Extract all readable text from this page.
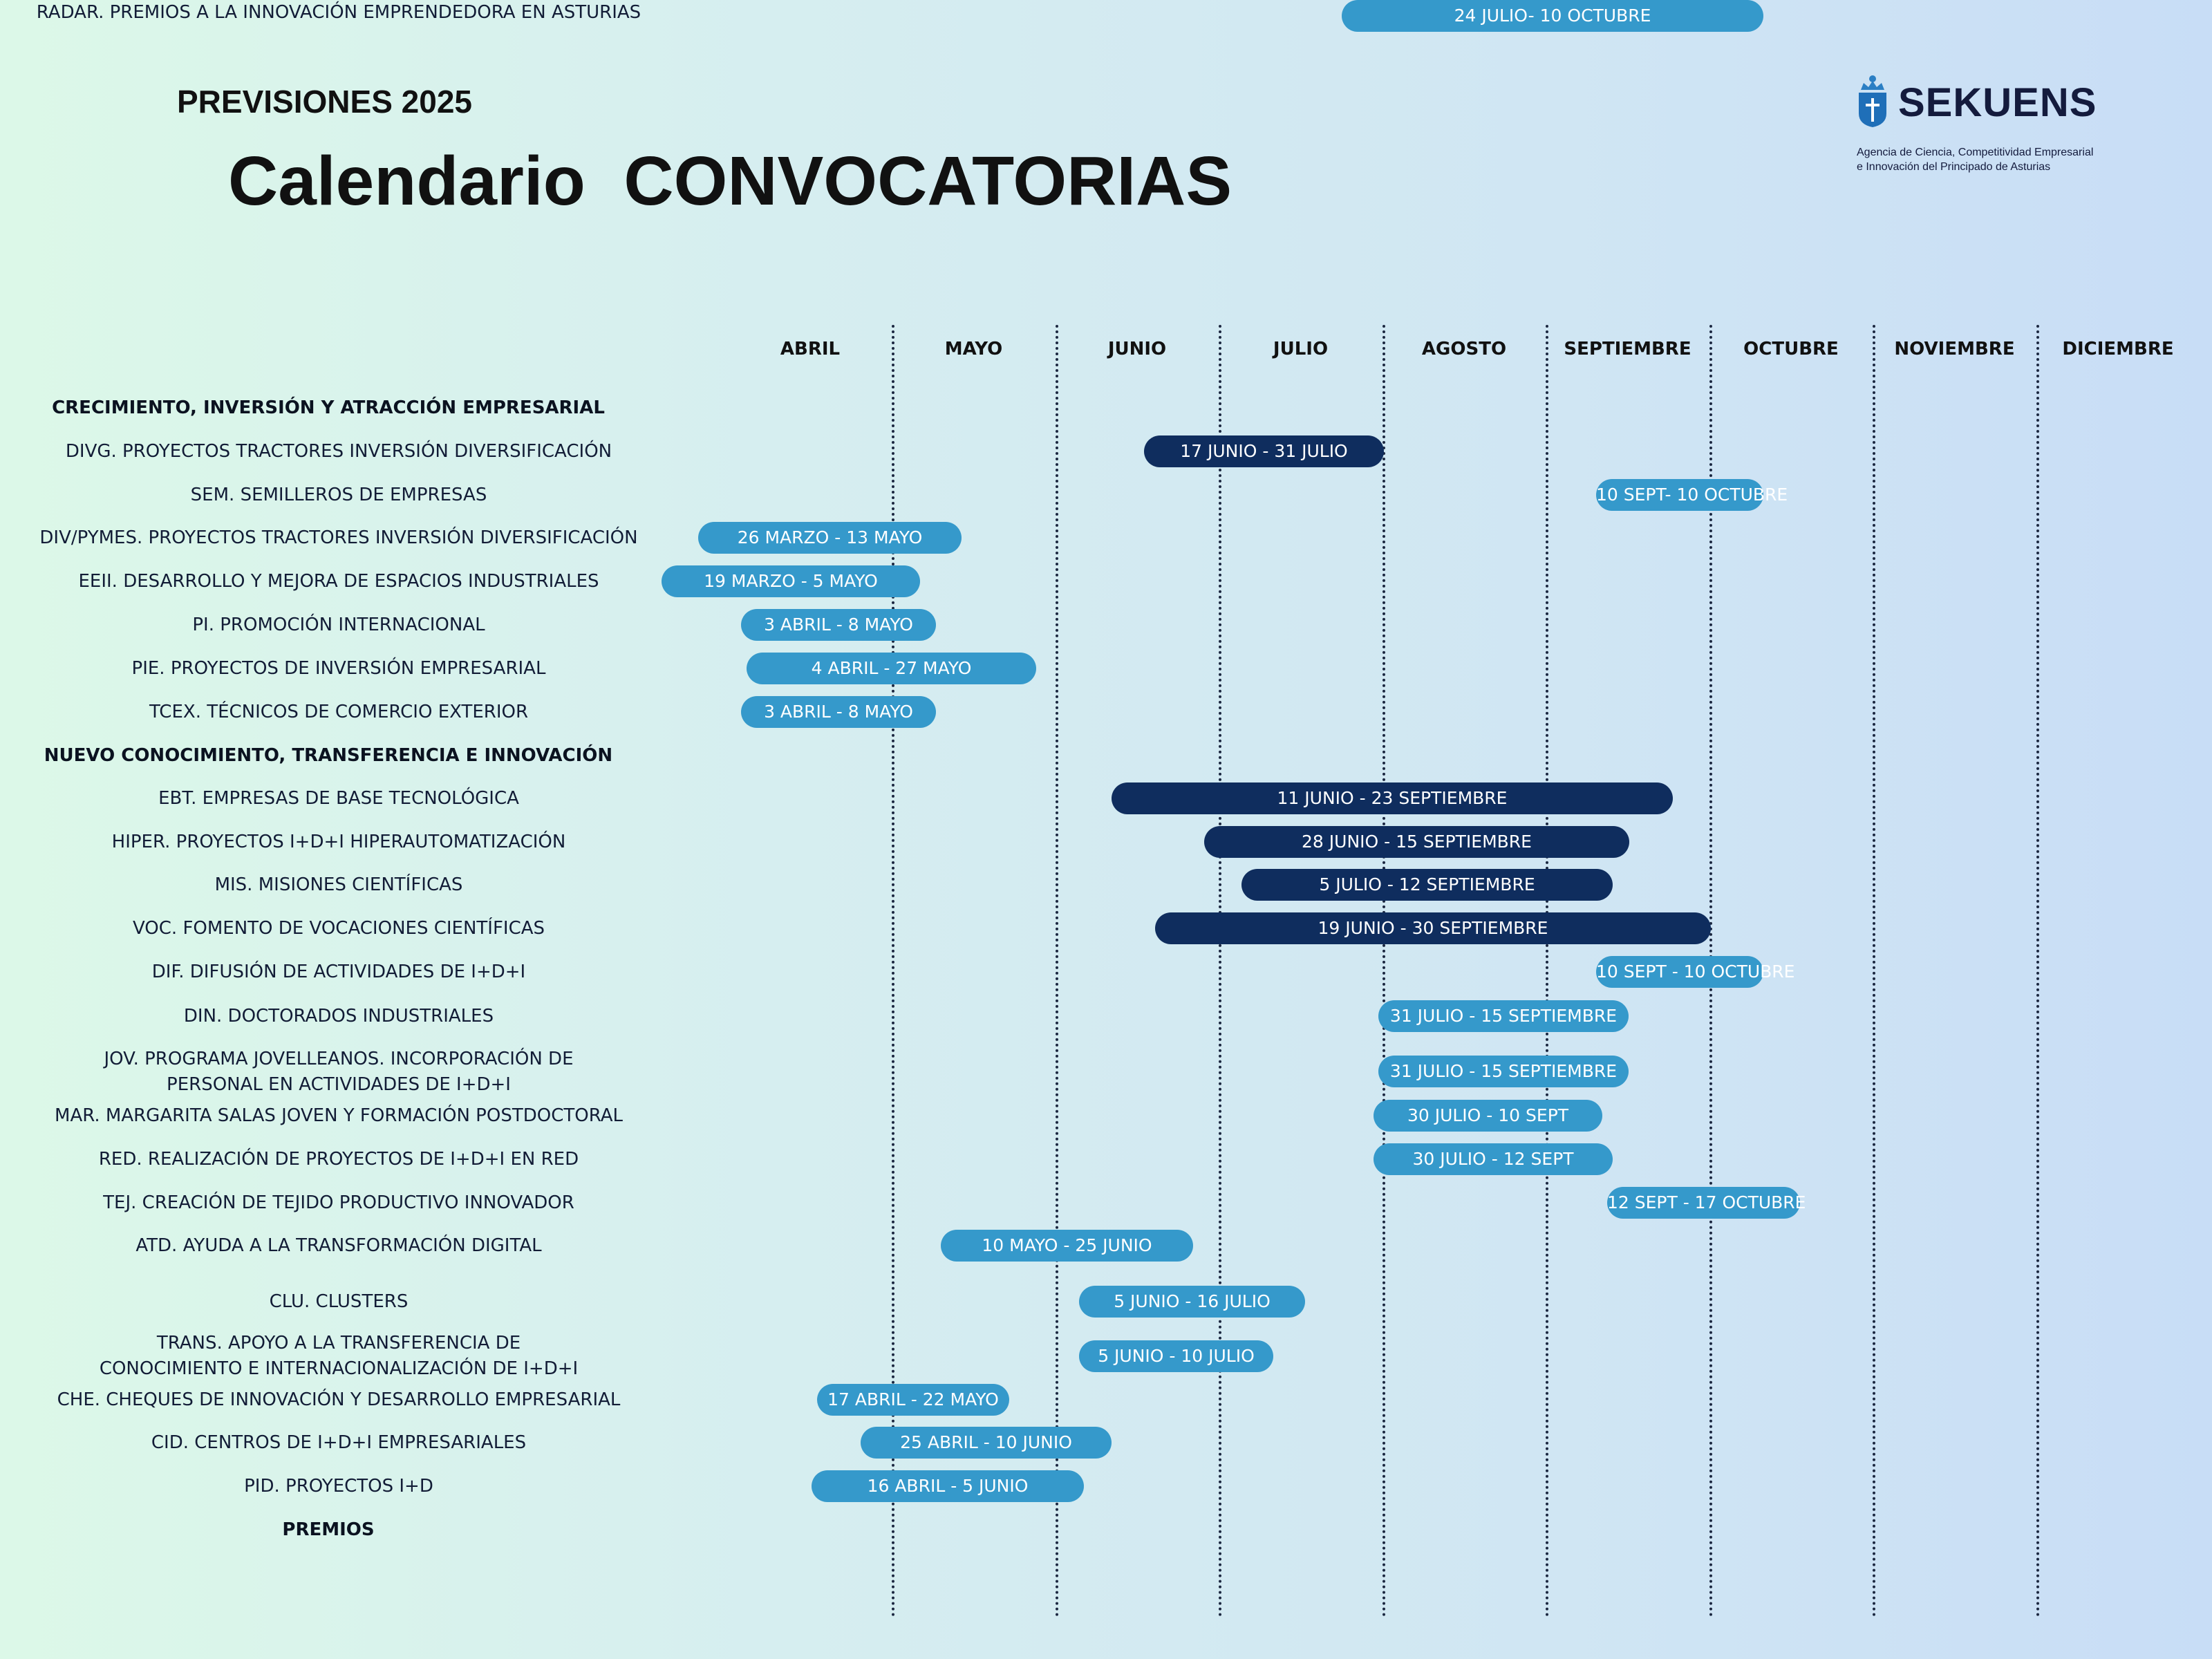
PREVISIONES 2025
Calendario  CONVOCATORIAS
SEKUENS
Agencia de Ciencia, Competitividad Empresarial
e Innovación del Principado de Asturias
ABRIL	MAYO	JUNIO	JULIO	AGOSTO	SEPTIEMBRE	OCTUBRE	NOVIEMBRE	DICIEMBRE
CRECIMIENTO, INVERSIÓN Y ATRACCIÓN EMPRESARIAL
DIVG. PROYECTOS TRACTORES INVERSIÓN DIVERSIFICACIÓN	17 JUNIO - 31 JULIO
SEM. SEMILLEROS DE EMPRESAS	10 SEPT- 10 OCTUBRE
DIV/PYMES. PROYECTOS TRACTORES INVERSIÓN DIVERSIFICACIÓN	26 MARZO - 13 MAYO
EEII. DESARROLLO Y MEJORA DE ESPACIOS INDUSTRIALES	19 MARZO - 5 MAYO
PI. PROMOCIÓN INTERNACIONAL	3 ABRIL - 8 MAYO
PIE. PROYECTOS DE INVERSIÓN EMPRESARIAL	4 ABRIL - 27 MAYO
TCEX. TÉCNICOS DE COMERCIO EXTERIOR	3 ABRIL - 8 MAYO
NUEVO CONOCIMIENTO, TRANSFERENCIA E INNOVACIÓN
EBT. EMPRESAS DE BASE TECNOLÓGICA	11 JUNIO - 23 SEPTIEMBRE
HIPER. PROYECTOS I+D+I HIPERAUTOMATIZACIÓN	28 JUNIO - 15 SEPTIEMBRE
MIS. MISIONES CIENTÍFICAS	5 JULIO - 12 SEPTIEMBRE
VOC. FOMENTO DE VOCACIONES CIENTÍFICAS	19 JUNIO - 30 SEPTIEMBRE
DIF. DIFUSIÓN DE ACTIVIDADES DE I+D+I	10 SEPT - 10 OCTUBRE
DIN. DOCTORADOS INDUSTRIALES	31 JULIO - 15 SEPTIEMBRE
JOV. PROGRAMA JOVELLEANOS. INCORPORACIÓN DE
PERSONAL EN ACTIVIDADES DE I+D+I
31 JULIO - 15 SEPTIEMBRE
MAR. MARGARITA SALAS JOVEN Y FORMACIÓN POSTDOCTORAL	30 JULIO - 10 SEPT
RED. REALIZACIÓN DE PROYECTOS DE I+D+I EN RED	30 JULIO - 12 SEPT
TEJ. CREACIÓN DE TEJIDO PRODUCTIVO INNOVADOR	12 SEPT - 17 OCTUBRE
ATD. AYUDA A LA TRANSFORMACIÓN DIGITAL	10 MAYO - 25 JUNIO
CLU. CLUSTERS	5 JUNIO - 16 JULIO
TRANS. APOYO A LA TRANSFERENCIA DE
CONOCIMIENTO E INTERNACIONALIZACIÓN DE I+D+I
5 JUNIO - 10 JULIO
CHE. CHEQUES DE INNOVACIÓN Y DESARROLLO EMPRESARIAL	17 ABRIL - 22 MAYO
CID. CENTROS DE I+D+I EMPRESARIALES	25 ABRIL - 10 JUNIO
PID. PROYECTOS I+D	16 ABRIL - 5 JUNIO
PREMIOS
RADAR. PREMIOS A LA INNOVACIÓN EMPRENDEDORA EN ASTURIAS	24 JULIO- 10 OCTUBRE
